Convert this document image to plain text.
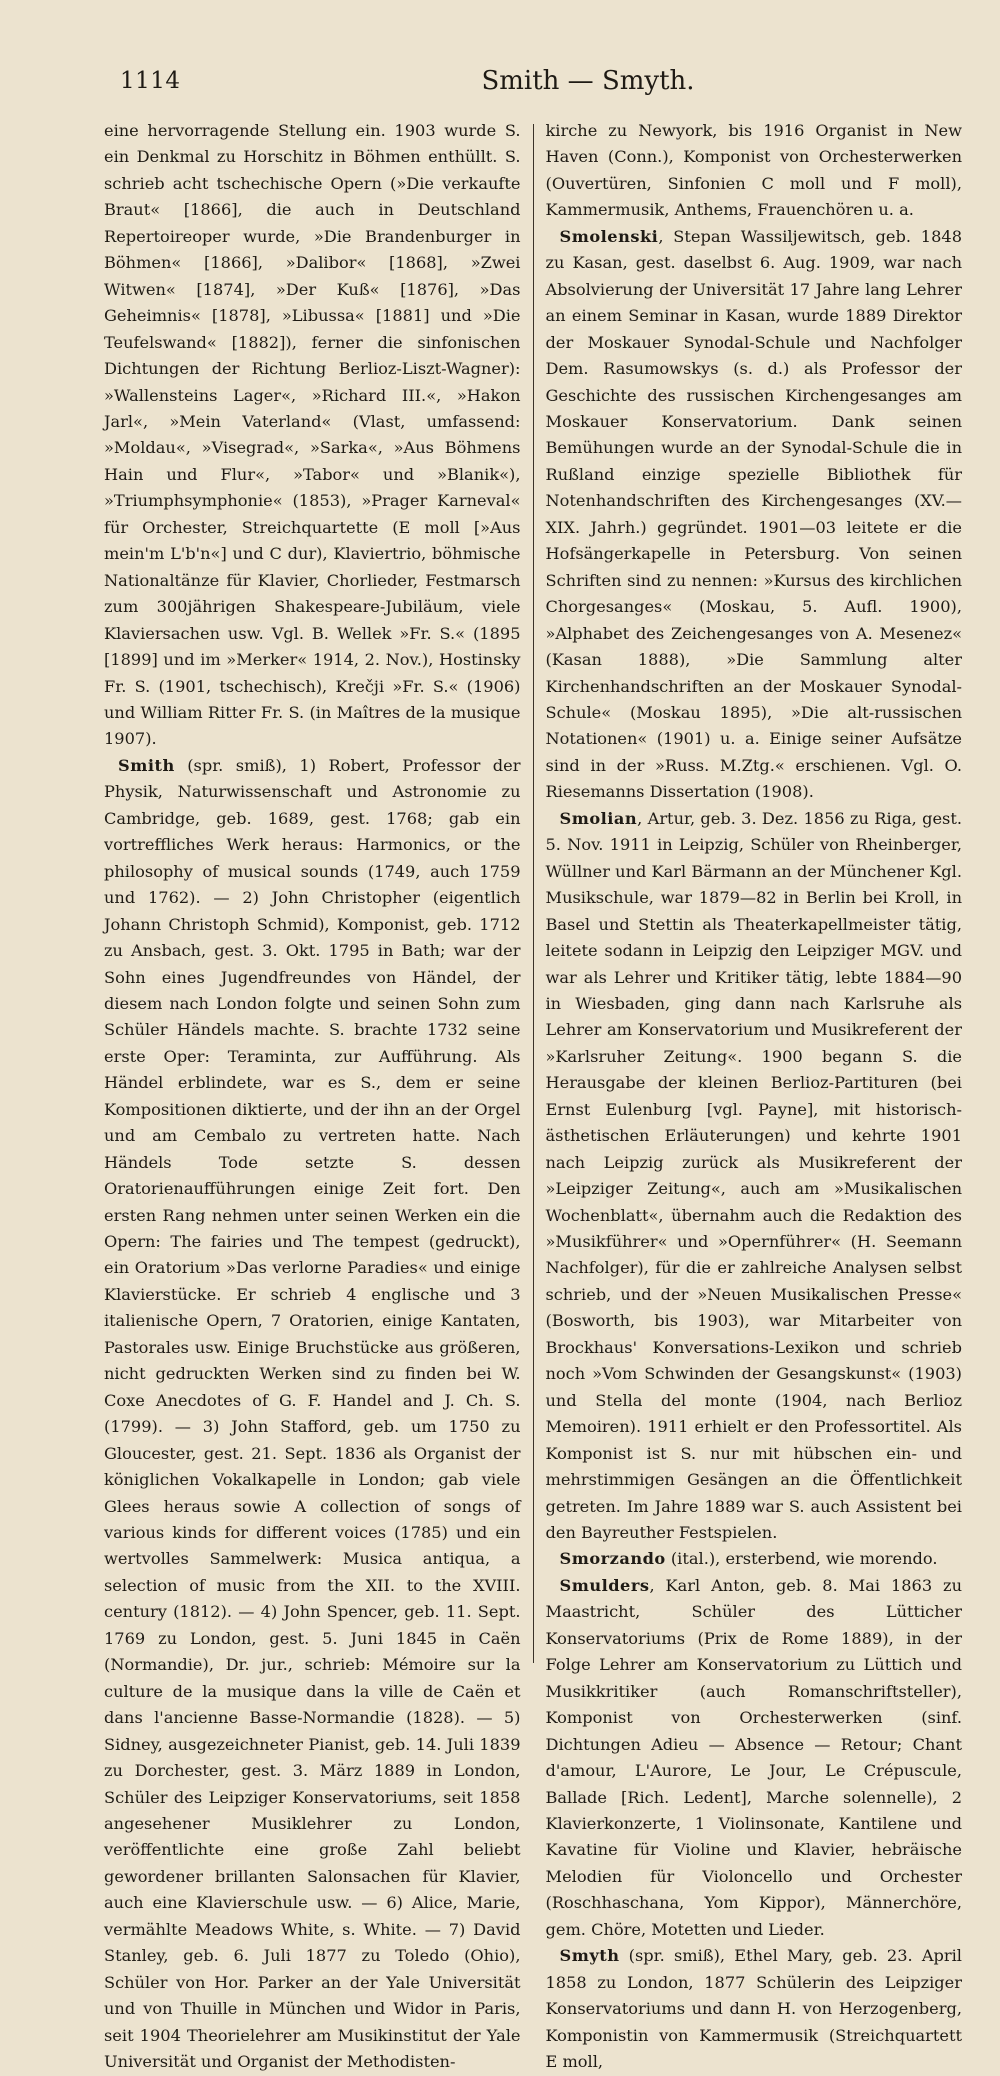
1114	Smith — Smyth.

eine hervorragende Stellung ein. 1903 wurde S. ein Denkmal zu Horschitz in Böhmen enthüllt. S. schrieb acht tschechische Opern (»Die verkaufte Braut« [1866], die auch in Deutschland Repertoireoper wurde, »Die Brandenburger in Böhmen« [1866], »Dalibor« [1868], »Zwei Witwen« [1874], »Der Kuß« [1876], »Das Geheimnis« [1878], »Libussa« [1881] und »Die Teufelswand« [1882]), ferner die sinfonischen Dichtungen der Richtung Berlioz-Liszt-Wagner): »Wallensteins Lager«, »Richard III.«, »Hakon Jarl«, »Mein Vaterland« (Vlast, umfassend: »Moldau«, »Visegrad«, »Sarka«, »Aus Böhmens Hain und Flur«, »Tabor« und »Blanik«), »Triumphsymphonie« (1853), »Prager Karneval« für Orchester, Streichquartette (E moll [»Aus mein'm L'b'n«] und C dur), Klaviertrio, böhmische Nationaltänze für Klavier, Chorlieder, Festmarsch zum 300jährigen Shakespeare-Jubiläum, viele Klaviersachen usw. Vgl. B. Wellek »Fr. S.« (1895 [1899] und im »Merker« 1914, 2. Nov.), Hostinsky Fr. S. (1901, tschechisch), Krečji »Fr. S.« (1906) und William Ritter Fr. S. (in Maîtres de la musique 1907).

Smith (spr. smiß), 1) Robert, Professor der Physik, Naturwissenschaft und Astronomie zu Cambridge, geb. 1689, gest. 1768; gab ein vortreffliches Werk heraus: Harmonics, or the philosophy of musical sounds (1749, auch 1759 und 1762). — 2) John Christopher (eigentlich Johann Christoph Schmid), Komponist, geb. 1712 zu Ansbach, gest. 3. Okt. 1795 in Bath; war der Sohn eines Jugendfreundes von Händel, der diesem nach London folgte und seinen Sohn zum Schüler Händels machte. S. brachte 1732 seine erste Oper: Teraminta, zur Aufführung. Als Händel erblindete, war es S., dem er seine Kompositionen diktierte, und der ihn an der Orgel und am Cembalo zu vertreten hatte. Nach Händels Tode setzte S. dessen Oratorienaufführungen einige Zeit fort. Den ersten Rang nehmen unter seinen Werken ein die Opern: The fairies und The tempest (gedruckt), ein Oratorium »Das verlorne Paradies« und einige Klavierstücke. Er schrieb 4 englische und 3 italienische Opern, 7 Oratorien, einige Kantaten, Pastorales usw. Einige Bruchstücke aus größeren, nicht gedruckten Werken sind zu finden bei W. Coxe Anecdotes of G. F. Handel and J. Ch. S. (1799). — 3) John Stafford, geb. um 1750 zu Gloucester, gest. 21. Sept. 1836 als Organist der königlichen Vokalkapelle in London; gab viele Glees heraus sowie A collection of songs of various kinds for different voices (1785) und ein wertvolles Sammelwerk: Musica antiqua, a selection of music from the XII. to the XVIII. century (1812). — 4) John Spencer, geb. 11. Sept. 1769 zu London, gest. 5. Juni 1845 in Caën (Normandie), Dr. jur., schrieb: Mémoire sur la culture de la musique dans la ville de Caën et dans l'ancienne Basse-Normandie (1828). — 5) Sidney, ausgezeichneter Pianist, geb. 14. Juli 1839 zu Dorchester, gest. 3. März 1889 in London, Schüler des Leipziger Konservatoriums, seit 1858 angesehener Musiklehrer zu London, veröffentlichte eine große Zahl beliebt gewordener brillanten Salonsachen für Klavier, auch eine Klavierschule usw. — 6) Alice, Marie, vermählte Meadows White, s. White. — 7) David Stanley, geb. 6. Juli 1877 zu Toledo (Ohio), Schüler von Hor. Parker an der Yale Universität und von Thuille in München und Widor in Paris, seit 1904 Theorielehrer am Musikinstitut der Yale Universität und Organist der Methodisten-

kirche zu Newyork, bis 1916 Organist in New Haven (Conn.), Komponist von Orchesterwerken (Ouvertüren, Sinfonien C moll und F moll), Kammermusik, Anthems, Frauenchören u. a.

Smolenski, Stepan Wassiljewitsch, geb. 1848 zu Kasan, gest. daselbst 6. Aug. 1909, war nach Absolvierung der Universität 17 Jahre lang Lehrer an einem Seminar in Kasan, wurde 1889 Direktor der Moskauer Synodal-Schule und Nachfolger Dem. Rasumowskys (s. d.) als Professor der Geschichte des russischen Kirchengesanges am Moskauer Konservatorium. Dank seinen Bemühungen wurde an der Synodal-Schule die in Rußland einzige spezielle Bibliothek für Notenhandschriften des Kirchengesanges (XV.—XIX. Jahrh.) gegründet. 1901—03 leitete er die Hofsängerkapelle in Petersburg. Von seinen Schriften sind zu nennen: »Kursus des kirchlichen Chorgesanges« (Moskau, 5. Aufl. 1900), »Alphabet des Zeichengesanges von A. Mesenez« (Kasan 1888), »Die Sammlung alter Kirchenhandschriften an der Moskauer Synodal-Schule« (Moskau 1895), »Die alt-russischen Notationen« (1901) u. a. Einige seiner Aufsätze sind in der »Russ. M.Ztg.« erschienen. Vgl. O. Riesemanns Dissertation (1908).

Smolian, Artur, geb. 3. Dez. 1856 zu Riga, gest. 5. Nov. 1911 in Leipzig, Schüler von Rheinberger, Wüllner und Karl Bärmann an der Münchener Kgl. Musikschule, war 1879—82 in Berlin bei Kroll, in Basel und Stettin als Theaterkapellmeister tätig, leitete sodann in Leipzig den Leipziger MGV. und war als Lehrer und Kritiker tätig, lebte 1884—90 in Wiesbaden, ging dann nach Karlsruhe als Lehrer am Konservatorium und Musikreferent der »Karlsruher Zeitung«. 1900 begann S. die Herausgabe der kleinen Berlioz-Partituren (bei Ernst Eulenburg [vgl. Payne], mit historisch-ästhetischen Erläuterungen) und kehrte 1901 nach Leipzig zurück als Musikreferent der »Leipziger Zeitung«, auch am »Musikalischen Wochenblatt«, übernahm auch die Redaktion des »Musikführer« und »Opernführer« (H. Seemann Nachfolger), für die er zahlreiche Analysen selbst schrieb, und der »Neuen Musikalischen Presse« (Bosworth, bis 1903), war Mitarbeiter von Brockhaus' Konversations-Lexikon und schrieb noch »Vom Schwinden der Gesangskunst« (1903) und Stella del monte (1904, nach Berlioz Memoiren). 1911 erhielt er den Professortitel. Als Komponist ist S. nur mit hübschen ein- und mehrstimmigen Gesängen an die Öffentlichkeit getreten. Im Jahre 1889 war S. auch Assistent bei den Bayreuther Festspielen.

Smorzando (ital.), ersterbend, wie morendo.

Smulders, Karl Anton, geb. 8. Mai 1863 zu Maastricht, Schüler des Lütticher Konservatoriums (Prix de Rome 1889), in der Folge Lehrer am Konservatorium zu Lüttich und Musikkritiker (auch Romanschriftsteller), Komponist von Orchesterwerken (sinf. Dichtungen Adieu — Absence — Retour; Chant d'amour, L'Aurore, Le Jour, Le Crépuscule, Ballade [Rich. Ledent], Marche solennelle), 2 Klavierkonzerte, 1 Violinsonate, Kantilene und Kavatine für Violine und Klavier, hebräische Melodien für Violoncello und Orchester (Roschhaschana, Yom Kippor), Männerchöre, gem. Chöre, Motetten und Lieder.

Smyth (spr. smiß), Ethel Mary, geb. 23. April 1858 zu London, 1877 Schülerin des Leipziger Konservatoriums und dann H. von Herzogenberg, Komponistin von Kammermusik (Streichquartett E moll,
